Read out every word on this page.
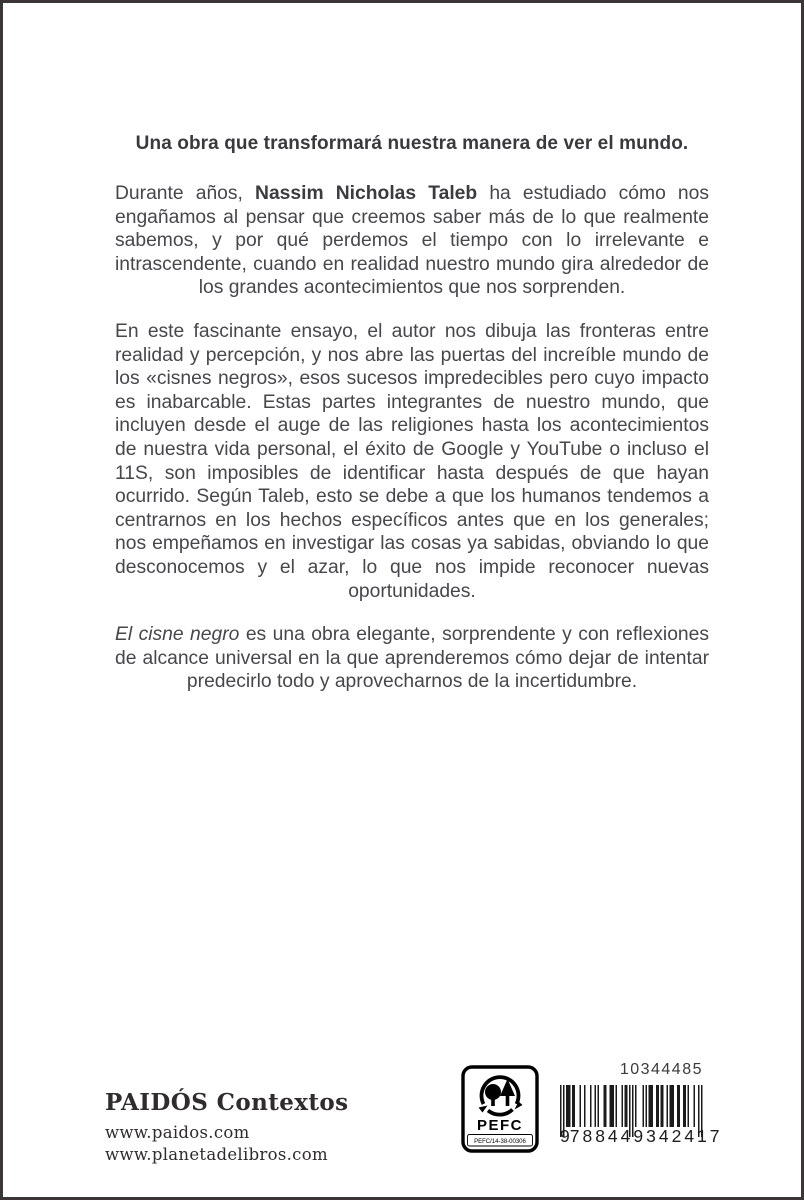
Una obra que transformará nuestra manera de ver el mundo.

Durante años, Nassim Nicholas Taleb ha estudiado cómo nos engañamos al pensar que creemos saber más de lo que realmente sabemos, y por qué perdemos el tiempo con lo irrelevante e intrascendente, cuando en realidad nuestro mundo gira alrededor de los grandes acontecimientos que nos sorprenden.

En este fascinante ensayo, el autor nos dibuja las fronteras entre realidad y percepción, y nos abre las puertas del increíble mundo de los «cisnes negros», esos sucesos impredecibles pero cuyo impacto es inabarcable. Estas partes integrantes de nuestro mundo, que incluyen desde el auge de las religiones hasta los acontecimientos de nuestra vida personal, el éxito de Google y YouTube o incluso el 11S, son imposibles de identificar hasta después de que hayan ocurrido. Según Taleb, esto se debe a que los humanos tendemos a centrarnos en los hechos específicos antes que en los generales; nos empeñamos en investigar las cosas ya sabidas, obviando lo que desconocemos y el azar, lo que nos impide reconocer nuevas oportunidades.

El cisne negro es una obra elegante, sorprendente y con reflexiones de alcance universal en la que aprenderemos cómo dejar de intentar predecirlo todo y aprovecharnos de la incertidumbre.

PAIDÓS Contextos
www.paidos.com
www.planetadelibros.com
PEFC
PEFC/14-38-00306
10344485
9 788449 342417
